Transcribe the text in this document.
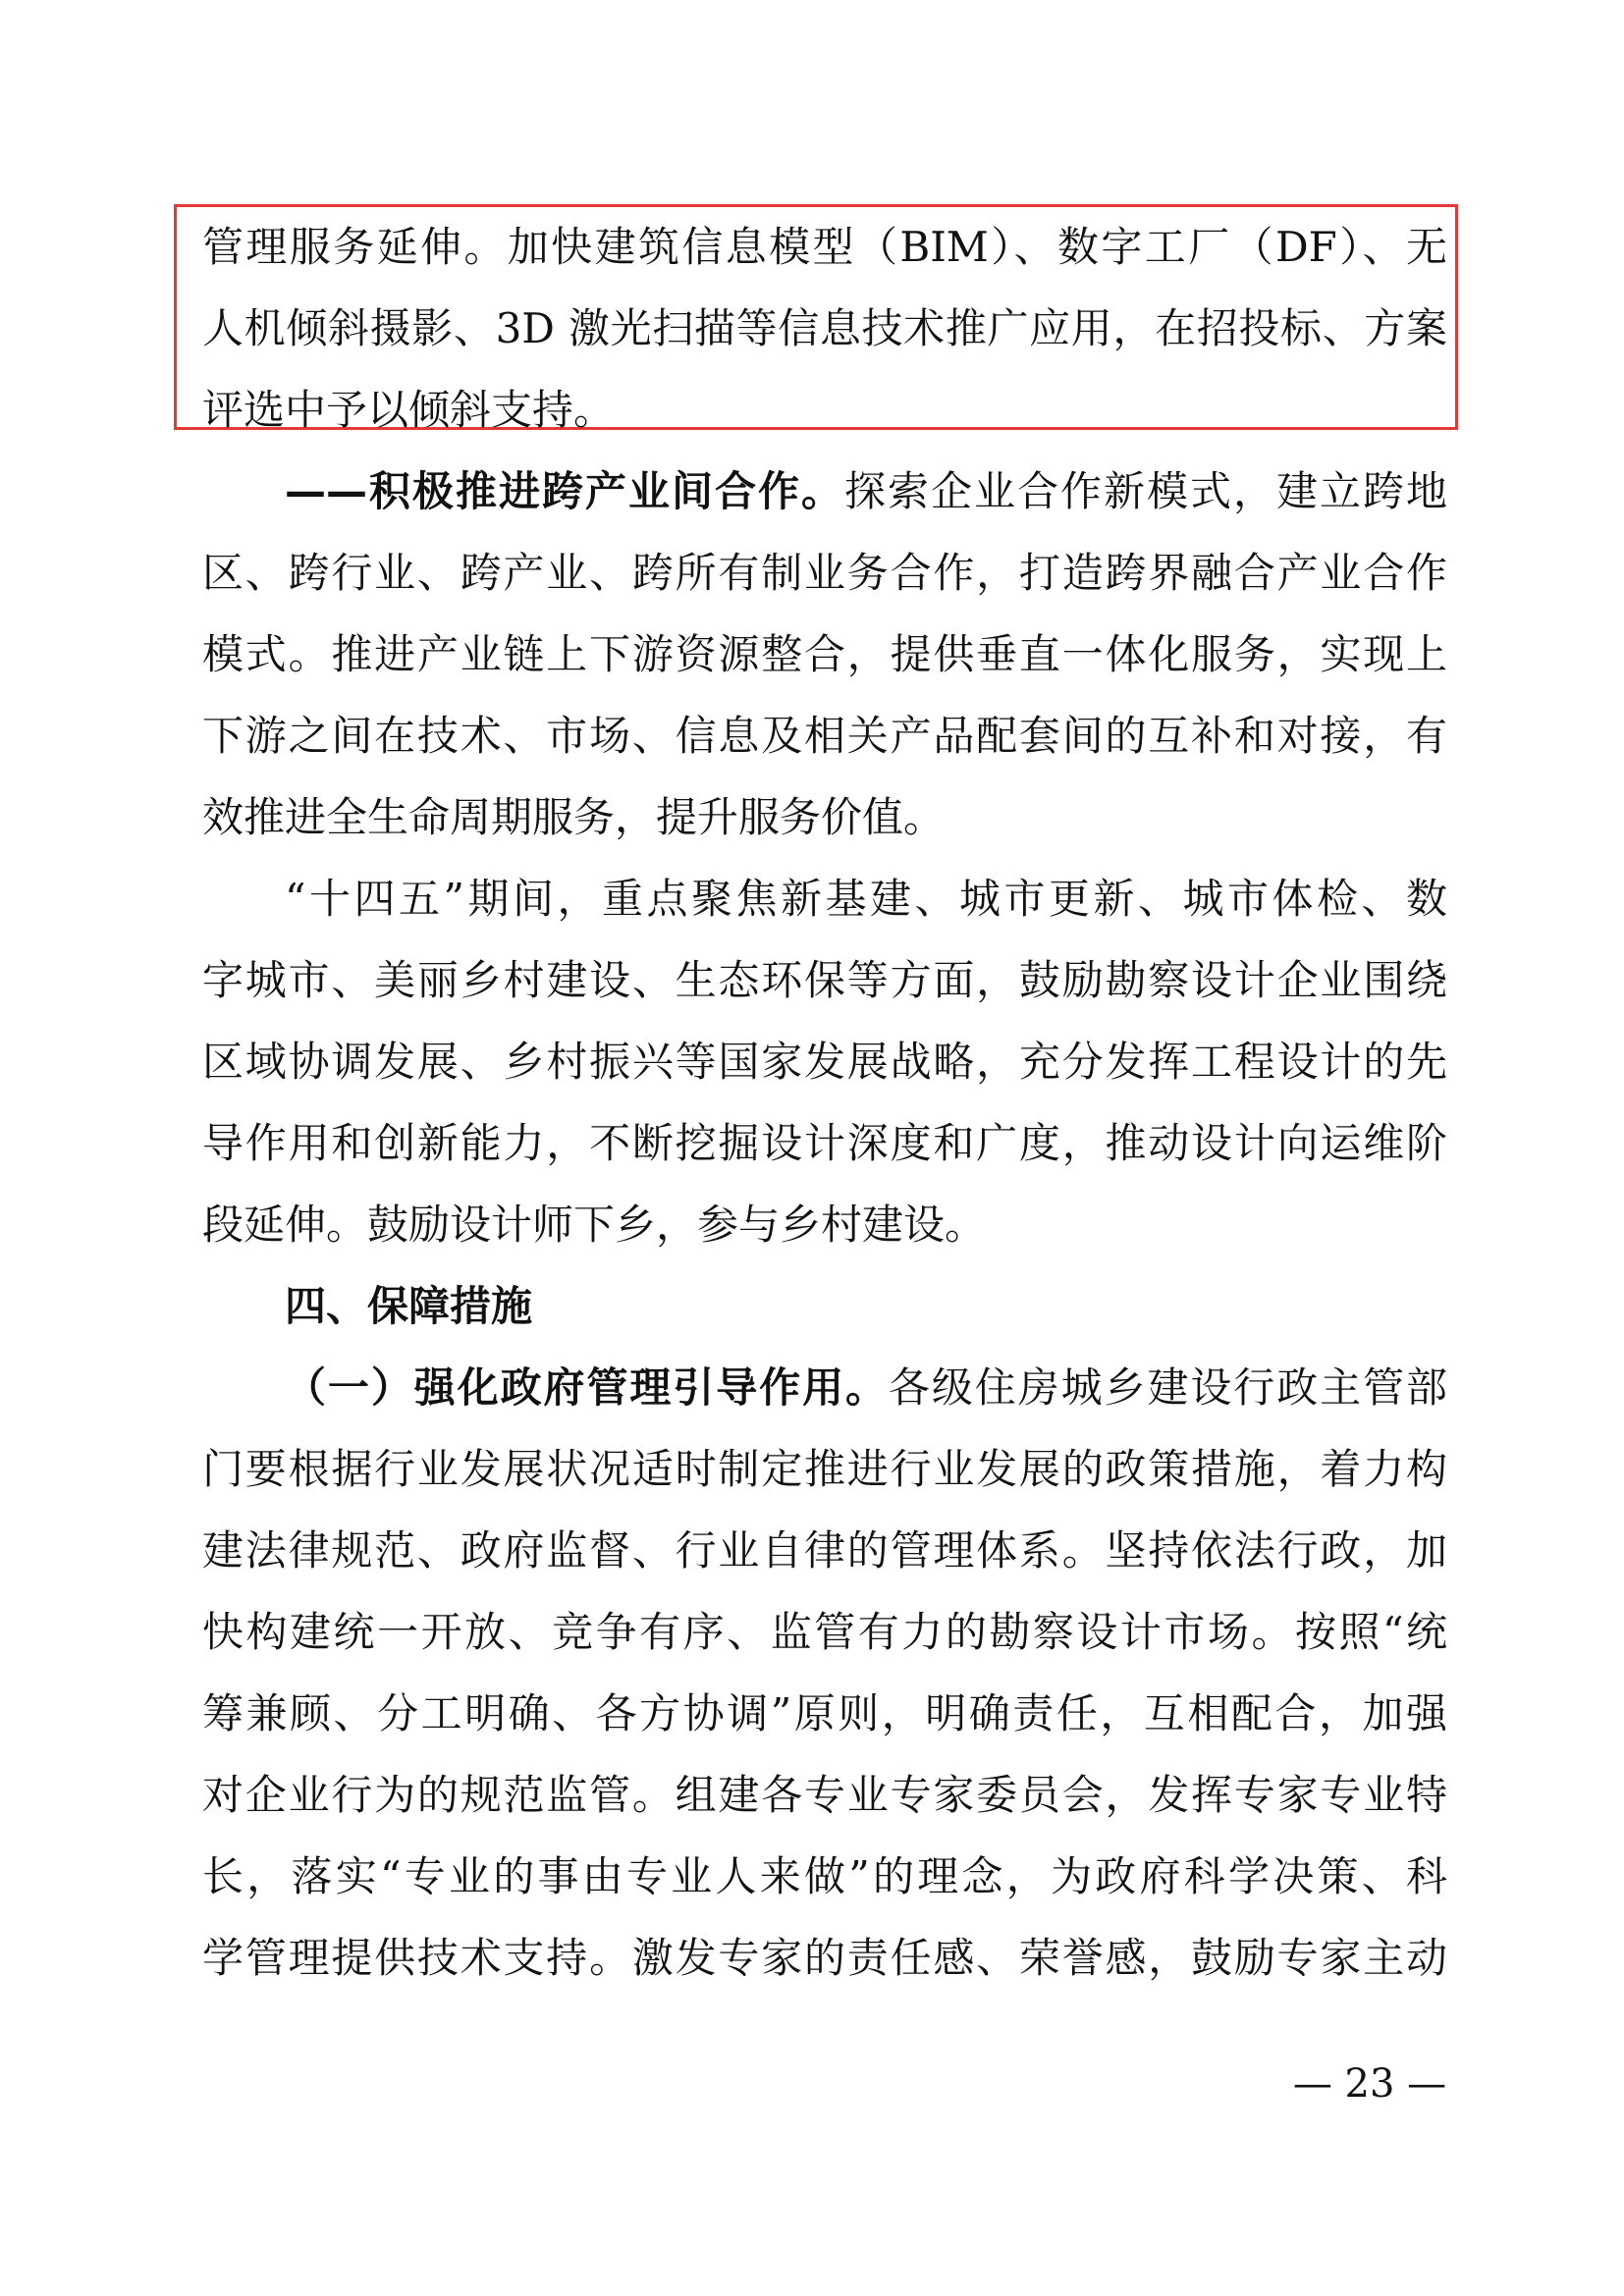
管理服务延伸。加快建筑信息模型（BIM）、数字工厂（DF）、无
人机倾斜摄影、3D 激光扫描等信息技术推广应用，在招投标、方案
评选中予以倾斜支持。
——积极推进跨产业间合作。探索企业合作新模式，建立跨地
区、跨行业、跨产业、跨所有制业务合作，打造跨界融合产业合作
模式。推进产业链上下游资源整合，提供垂直一体化服务，实现上
下游之间在技术、市场、信息及相关产品配套间的互补和对接，有
效推进全生命周期服务，提升服务价值。
“十四五”期间，重点聚焦新基建、城市更新、城市体检、数
字城市、美丽乡村建设、生态环保等方面，鼓励勘察设计企业围绕
区域协调发展、乡村振兴等国家发展战略，充分发挥工程设计的先
导作用和创新能力，不断挖掘设计深度和广度，推动设计向运维阶
段延伸。鼓励设计师下乡，参与乡村建设。
四、保障措施
（一）强化政府管理引导作用。各级住房城乡建设行政主管部
门要根据行业发展状况适时制定推进行业发展的政策措施，着力构
建法律规范、政府监督、行业自律的管理体系。坚持依法行政，加
快构建统一开放、竞争有序、监管有力的勘察设计市场。按照“统
筹兼顾、分工明确、各方协调”原则，明确责任，互相配合，加强
对企业行为的规范监管。组建各专业专家委员会，发挥专家专业特
长，落实“专业的事由专业人来做”的理念，为政府科学决策、科
学管理提供技术支持。激发专家的责任感、荣誉感，鼓励专家主动
— 23 —
